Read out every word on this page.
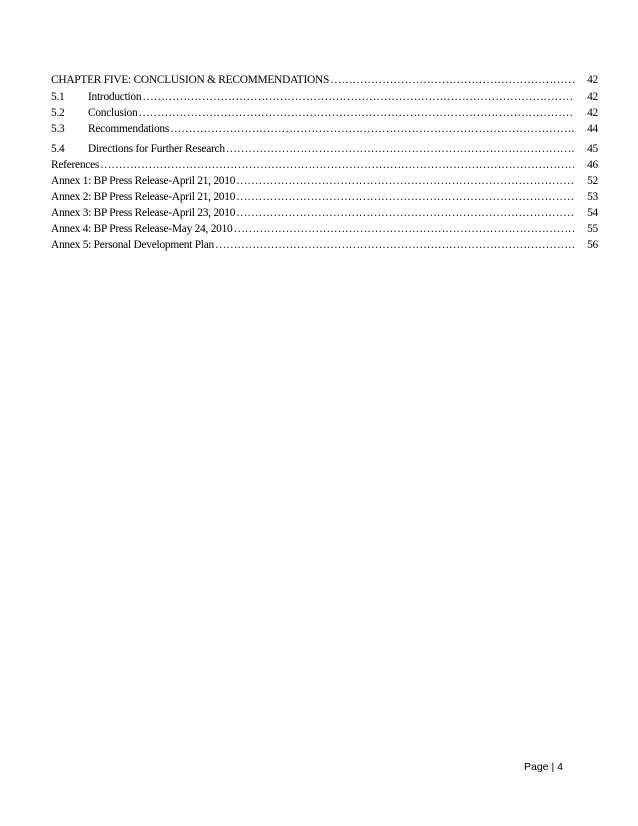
CHAPTER FIVE: CONCLUSION & RECOMMENDATIONS ……………………………………………………………………………………………………………………………………………………………………………………	42
5.1	Introduction ……………………………………………………………………………………………………………………………………………………………………………………	42
5.2	Conclusion ……………………………………………………………………………………………………………………………………………………………………………………	42
5.3	Recommendations ……………………………………………………………………………………………………………………………………………………………………………………	44
5.4	Directions for Further Research ……………………………………………………………………………………………………………………………………………………………………………………	45
References ……………………………………………………………………………………………………………………………………………………………………………………	46
Annex 1: BP Press Release-April 21, 2010 ……………………………………………………………………………………………………………………………………………………………………………………	52
Annex 2: BP Press Release-April 21, 2010 ……………………………………………………………………………………………………………………………………………………………………………………	53
Annex 3: BP Press Release-April 23, 2010 ……………………………………………………………………………………………………………………………………………………………………………………	54
Annex 4: BP Press Release-May 24, 2010 ……………………………………………………………………………………………………………………………………………………………………………………	55
Annex 5: Personal Development Plan ……………………………………………………………………………………………………………………………………………………………………………………	56
Page | 4
